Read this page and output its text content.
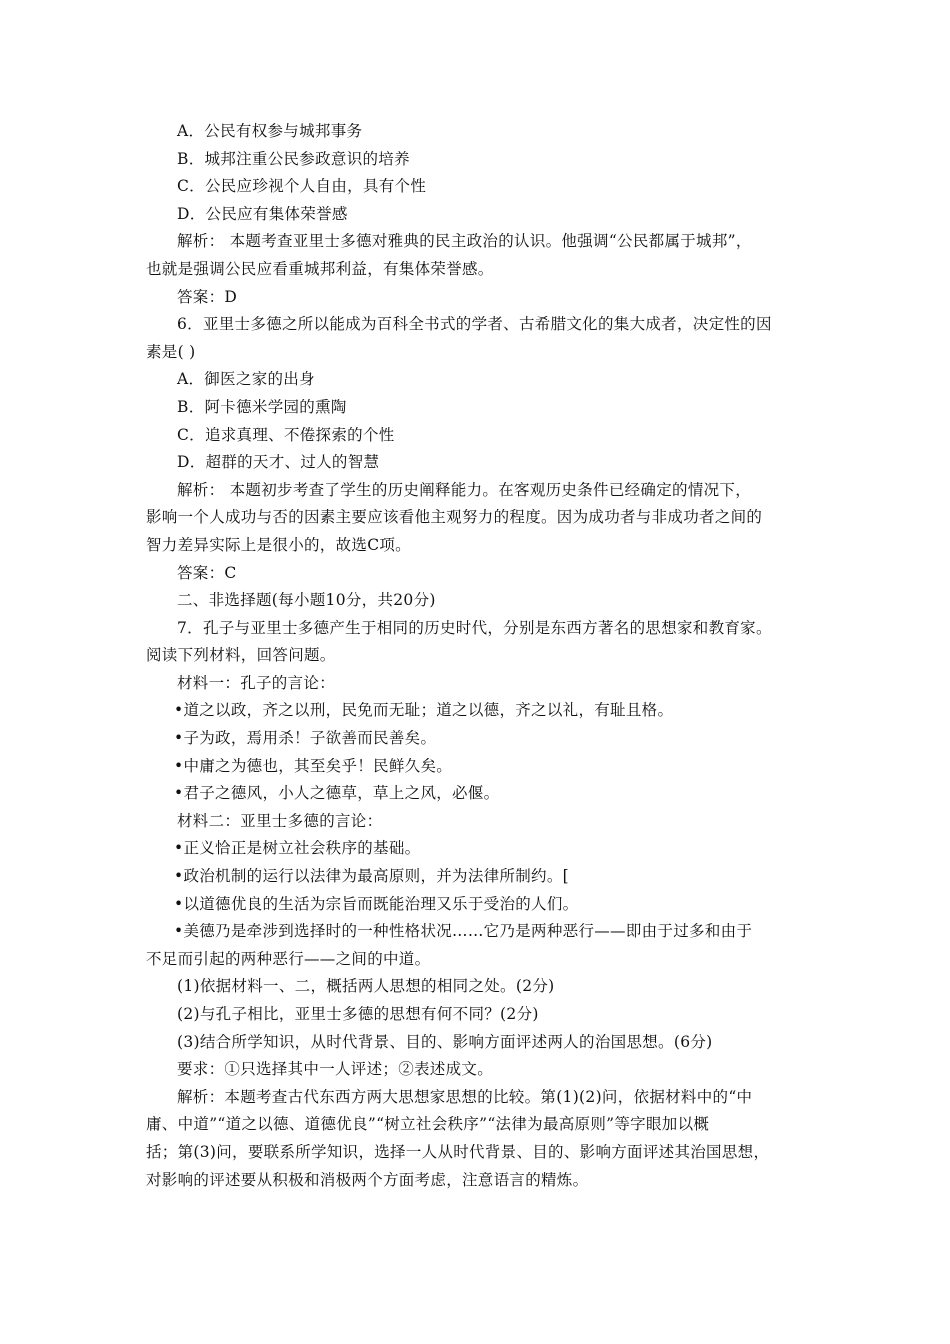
A．公民有权参与城邦事务
B．城邦注重公民参政意识的培养
C．公民应珍视个人自由，具有个性
D．公民应有集体荣誉感
解析： 本题考查亚里士多德对雅典的民主政治的认识。他强调“公民都属于城邦”，
也就是强调公民应看重城邦利益，有集体荣誉感。
答案：D
6．亚里士多德之所以能成为百科全书式的学者、古希腊文化的集大成者，决定性的因
素是( )
A．御医之家的出身
B．阿卡德米学园的熏陶
C．追求真理、不倦探索的个性
D．超群的天才、过人的智慧
解析： 本题初步考查了学生的历史阐释能力。在客观历史条件已经确定的情况下，
影响一个人成功与否的因素主要应该看他主观努力的程度。因为成功者与非成功者之间的
智力差异实际上是很小的，故选C项。
答案：C
二、非选择题(每小题10分，共20分)
7．孔子与亚里士多德产生于相同的历史时代，分别是东西方著名的思想家和教育家。
阅读下列材料，回答问题。
材料一：孔子的言论：
•道之以政，齐之以刑，民免而无耻；道之以德，齐之以礼，有耻且格。
•子为政，焉用杀！子欲善而民善矣。
•中庸之为德也，其至矣乎！民鲜久矣。
•君子之德风，小人之德草，草上之风，必偃。
材料二：亚里士多德的言论：
•正义恰正是树立社会秩序的基础。
•政治机制的运行以法律为最高原则，并为法律所制约。[
•以道德优良的生活为宗旨而既能治理又乐于受治的人们。
•美德乃是牵涉到选择时的一种性格状况……它乃是两种恶行——即由于过多和由于
不足而引起的两种恶行——之间的中道。
(1)依据材料一、二，概括两人思想的相同之处。(2分)
(2)与孔子相比，亚里士多德的思想有何不同？(2分)
(3)结合所学知识，从时代背景、目的、影响方面评述两人的治国思想。(6分)
要求：①只选择其中一人评述；②表述成文。
解析：本题考查古代东西方两大思想家思想的比较。第(1)(2)问，依据材料中的“中
庸、中道”“道之以德、道德优良”“树立社会秩序”“法律为最高原则”等字眼加以概
括；第(3)问，要联系所学知识，选择一人从时代背景、目的、影响方面评述其治国思想，
对影响的评述要从积极和消极两个方面考虑，注意语言的精炼。
